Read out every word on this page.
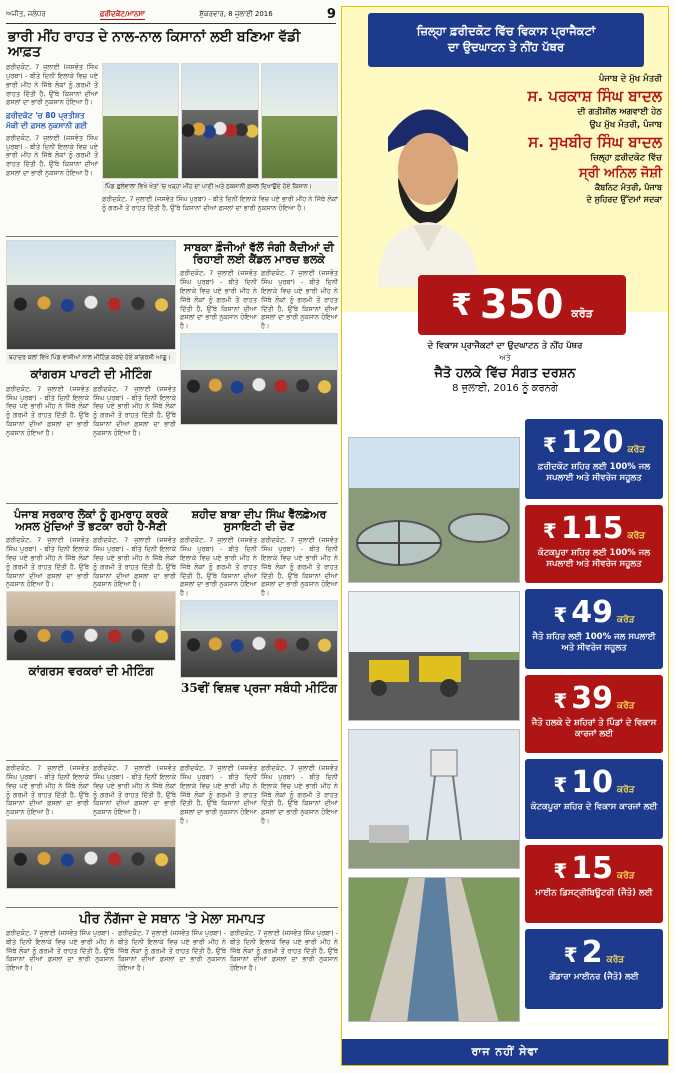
ਅਜੀਤ, ਜਲੰਧਰ	ਫ਼ਰੀਦਕੋਟ/ਮਾਨਸਾ	ਸ਼ੁੱਕਰਵਾਰ, 8 ਜੁਲਾਈ 2016	9
ਭਾਰੀ ਮੀਂਹ ਰਾਹਤ ਦੇ ਨਾਲ-ਨਾਲ ਕਿਸਾਨਾਂ ਲਈ ਬਣਿਆ ਵੱਡੀ ਆਫ਼ਤ
ਫ਼ਰੀਦਕੋਟ, 7 ਜੁਲਾਈ (ਜਸਵੰਤ ਸਿੰਘ ਪੁਰਬਾ) - ਬੀਤੇ ਦਿਨੀਂ ਇਲਾਕੇ ਵਿਚ ਪਏ ਭਾਰੀ ਮੀਂਹ ਨੇ ਜਿੱਥੇ ਲੋਕਾਂ ਨੂੰ ਗਰਮੀ ਤੋਂ ਰਾਹਤ ਦਿੱਤੀ ਹੈ, ਉੱਥੇ ਕਿਸਾਨਾਂ ਦੀਆਂ ਫ਼ਸਲਾਂ ਦਾ ਭਾਰੀ ਨੁਕਸਾਨ ਹੋਇਆ ਹੈ।
ਫ਼ਰੀਦਕੋਟ 'ਚ 80 ਪ੍ਰਤੀਸ਼ਤ ਮੱਕੀ ਦੀ ਫ਼ਸਲ ਨੁਕਸਾਨੀ ਗਈ
ਫ਼ਰੀਦਕੋਟ, 7 ਜੁਲਾਈ (ਜਸਵੰਤ ਸਿੰਘ ਪੁਰਬਾ) - ਬੀਤੇ ਦਿਨੀਂ ਇਲਾਕੇ ਵਿਚ ਪਏ ਭਾਰੀ ਮੀਂਹ ਨੇ ਜਿੱਥੇ ਲੋਕਾਂ ਨੂੰ ਗਰਮੀ ਤੋਂ ਰਾਹਤ ਦਿੱਤੀ ਹੈ, ਉੱਥੇ ਕਿਸਾਨਾਂ ਦੀਆਂ ਫ਼ਸਲਾਂ ਦਾ ਭਾਰੀ ਨੁਕਸਾਨ ਹੋਇਆ ਹੈ।
ਪਿੰਡ ਫ਼ੁਲੇਵਾਲਾ ਵਿਖੇ ਖੇਤਾਂ 'ਚ ਖੜ੍ਹਾ ਮੀਂਹ ਦਾ ਪਾਣੀ ਅਤੇ ਨੁਕਸਾਨੀ ਫ਼ਸਲ ਦਿਖਾਉਂਦੇ ਹੋਏ ਕਿਸਾਨ।
ਫ਼ਰੀਦਕੋਟ, 7 ਜੁਲਾਈ (ਜਸਵੰਤ ਸਿੰਘ ਪੁਰਬਾ) - ਬੀਤੇ ਦਿਨੀਂ ਇਲਾਕੇ ਵਿਚ ਪਏ ਭਾਰੀ ਮੀਂਹ ਨੇ ਜਿੱਥੇ ਲੋਕਾਂ ਨੂੰ ਗਰਮੀ ਤੋਂ ਰਾਹਤ ਦਿੱਤੀ ਹੈ, ਉੱਥੇ ਕਿਸਾਨਾਂ ਦੀਆਂ ਫ਼ਸਲਾਂ ਦਾ ਭਾਰੀ ਨੁਕਸਾਨ ਹੋਇਆ ਹੈ।
ਬਹਾਦਰ ਕਲਾਂ ਵਿਖੇ ਪਿੰਡ ਵਾਸੀਆਂ ਨਾਲ ਮੀਟਿੰਗ ਕਰਦੇ ਹੋਏ ਕਾਂਗਰਸੀ ਆਗੂ।
ਕਾਂਗਰਸ ਪਾਰਟੀ ਦੀ ਮੀਟਿੰਗ
ਫ਼ਰੀਦਕੋਟ, 7 ਜੁਲਾਈ (ਜਸਵੰਤ ਸਿੰਘ ਪੁਰਬਾ) - ਬੀਤੇ ਦਿਨੀਂ ਇਲਾਕੇ ਵਿਚ ਪਏ ਭਾਰੀ ਮੀਂਹ ਨੇ ਜਿੱਥੇ ਲੋਕਾਂ ਨੂੰ ਗਰਮੀ ਤੋਂ ਰਾਹਤ ਦਿੱਤੀ ਹੈ, ਉੱਥੇ ਕਿਸਾਨਾਂ ਦੀਆਂ ਫ਼ਸਲਾਂ ਦਾ ਭਾਰੀ ਨੁਕਸਾਨ ਹੋਇਆ ਹੈ।
ਫ਼ਰੀਦਕੋਟ, 7 ਜੁਲਾਈ (ਜਸਵੰਤ ਸਿੰਘ ਪੁਰਬਾ) - ਬੀਤੇ ਦਿਨੀਂ ਇਲਾਕੇ ਵਿਚ ਪਏ ਭਾਰੀ ਮੀਂਹ ਨੇ ਜਿੱਥੇ ਲੋਕਾਂ ਨੂੰ ਗਰਮੀ ਤੋਂ ਰਾਹਤ ਦਿੱਤੀ ਹੈ, ਉੱਥੇ ਕਿਸਾਨਾਂ ਦੀਆਂ ਫ਼ਸਲਾਂ ਦਾ ਭਾਰੀ ਨੁਕਸਾਨ ਹੋਇਆ ਹੈ।
ਸਾਬਕਾ ਫ਼ੌਜੀਆਂ ਵੱਲੋਂ ਜੰਗੀ ਕੈਦੀਆਂ ਦੀ ਰਿਹਾਈ ਲਈ ਕੈਂਡਲ ਮਾਰਚ ਭਲਕੇ
ਫ਼ਰੀਦਕੋਟ, 7 ਜੁਲਾਈ (ਜਸਵੰਤ ਸਿੰਘ ਪੁਰਬਾ) - ਬੀਤੇ ਦਿਨੀਂ ਇਲਾਕੇ ਵਿਚ ਪਏ ਭਾਰੀ ਮੀਂਹ ਨੇ ਜਿੱਥੇ ਲੋਕਾਂ ਨੂੰ ਗਰਮੀ ਤੋਂ ਰਾਹਤ ਦਿੱਤੀ ਹੈ, ਉੱਥੇ ਕਿਸਾਨਾਂ ਦੀਆਂ ਫ਼ਸਲਾਂ ਦਾ ਭਾਰੀ ਨੁਕਸਾਨ ਹੋਇਆ ਹੈ।
ਫ਼ਰੀਦਕੋਟ, 7 ਜੁਲਾਈ (ਜਸਵੰਤ ਸਿੰਘ ਪੁਰਬਾ) - ਬੀਤੇ ਦਿਨੀਂ ਇਲਾਕੇ ਵਿਚ ਪਏ ਭਾਰੀ ਮੀਂਹ ਨੇ ਜਿੱਥੇ ਲੋਕਾਂ ਨੂੰ ਗਰਮੀ ਤੋਂ ਰਾਹਤ ਦਿੱਤੀ ਹੈ, ਉੱਥੇ ਕਿਸਾਨਾਂ ਦੀਆਂ ਫ਼ਸਲਾਂ ਦਾ ਭਾਰੀ ਨੁਕਸਾਨ ਹੋਇਆ ਹੈ।
ਪੰਜਾਬ ਸਰਕਾਰ ਲੋਕਾਂ ਨੂੰ ਗੁਮਰਾਹ ਕਰਕੇ ਅਸਲ ਮੁੱਦਿਆਂ ਤੋਂ ਭਟਕਾ ਰਹੀ ਹੈ-ਸੈਣੀ
ਫ਼ਰੀਦਕੋਟ, 7 ਜੁਲਾਈ (ਜਸਵੰਤ ਸਿੰਘ ਪੁਰਬਾ) - ਬੀਤੇ ਦਿਨੀਂ ਇਲਾਕੇ ਵਿਚ ਪਏ ਭਾਰੀ ਮੀਂਹ ਨੇ ਜਿੱਥੇ ਲੋਕਾਂ ਨੂੰ ਗਰਮੀ ਤੋਂ ਰਾਹਤ ਦਿੱਤੀ ਹੈ, ਉੱਥੇ ਕਿਸਾਨਾਂ ਦੀਆਂ ਫ਼ਸਲਾਂ ਦਾ ਭਾਰੀ ਨੁਕਸਾਨ ਹੋਇਆ ਹੈ।
ਫ਼ਰੀਦਕੋਟ, 7 ਜੁਲਾਈ (ਜਸਵੰਤ ਸਿੰਘ ਪੁਰਬਾ) - ਬੀਤੇ ਦਿਨੀਂ ਇਲਾਕੇ ਵਿਚ ਪਏ ਭਾਰੀ ਮੀਂਹ ਨੇ ਜਿੱਥੇ ਲੋਕਾਂ ਨੂੰ ਗਰਮੀ ਤੋਂ ਰਾਹਤ ਦਿੱਤੀ ਹੈ, ਉੱਥੇ ਕਿਸਾਨਾਂ ਦੀਆਂ ਫ਼ਸਲਾਂ ਦਾ ਭਾਰੀ ਨੁਕਸਾਨ ਹੋਇਆ ਹੈ।
ਕਾਂਗਰਸ ਵਰਕਰਾਂ ਦੀ ਮੀਟਿੰਗ
ਸ਼ਹੀਦ ਬਾਬਾ ਦੀਪ ਸਿੰਘ ਵੈੱਲਫ਼ੇਅਰ ਸੁਸਾਇਟੀ ਦੀ ਚੋਣ
ਫ਼ਰੀਦਕੋਟ, 7 ਜੁਲਾਈ (ਜਸਵੰਤ ਸਿੰਘ ਪੁਰਬਾ) - ਬੀਤੇ ਦਿਨੀਂ ਇਲਾਕੇ ਵਿਚ ਪਏ ਭਾਰੀ ਮੀਂਹ ਨੇ ਜਿੱਥੇ ਲੋਕਾਂ ਨੂੰ ਗਰਮੀ ਤੋਂ ਰਾਹਤ ਦਿੱਤੀ ਹੈ, ਉੱਥੇ ਕਿਸਾਨਾਂ ਦੀਆਂ ਫ਼ਸਲਾਂ ਦਾ ਭਾਰੀ ਨੁਕਸਾਨ ਹੋਇਆ ਹੈ।
ਫ਼ਰੀਦਕੋਟ, 7 ਜੁਲਾਈ (ਜਸਵੰਤ ਸਿੰਘ ਪੁਰਬਾ) - ਬੀਤੇ ਦਿਨੀਂ ਇਲਾਕੇ ਵਿਚ ਪਏ ਭਾਰੀ ਮੀਂਹ ਨੇ ਜਿੱਥੇ ਲੋਕਾਂ ਨੂੰ ਗਰਮੀ ਤੋਂ ਰਾਹਤ ਦਿੱਤੀ ਹੈ, ਉੱਥੇ ਕਿਸਾਨਾਂ ਦੀਆਂ ਫ਼ਸਲਾਂ ਦਾ ਭਾਰੀ ਨੁਕਸਾਨ ਹੋਇਆ ਹੈ।
35ਵੀਂ ਵਿਸ਼ਵ ਪ੍ਰਜਾ ਸਬੰਧੀ ਮੀਟਿੰਗ
ਫ਼ਰੀਦਕੋਟ, 7 ਜੁਲਾਈ (ਜਸਵੰਤ ਸਿੰਘ ਪੁਰਬਾ) - ਬੀਤੇ ਦਿਨੀਂ ਇਲਾਕੇ ਵਿਚ ਪਏ ਭਾਰੀ ਮੀਂਹ ਨੇ ਜਿੱਥੇ ਲੋਕਾਂ ਨੂੰ ਗਰਮੀ ਤੋਂ ਰਾਹਤ ਦਿੱਤੀ ਹੈ, ਉੱਥੇ ਕਿਸਾਨਾਂ ਦੀਆਂ ਫ਼ਸਲਾਂ ਦਾ ਭਾਰੀ ਨੁਕਸਾਨ ਹੋਇਆ ਹੈ।
ਫ਼ਰੀਦਕੋਟ, 7 ਜੁਲਾਈ (ਜਸਵੰਤ ਸਿੰਘ ਪੁਰਬਾ) - ਬੀਤੇ ਦਿਨੀਂ ਇਲਾਕੇ ਵਿਚ ਪਏ ਭਾਰੀ ਮੀਂਹ ਨੇ ਜਿੱਥੇ ਲੋਕਾਂ ਨੂੰ ਗਰਮੀ ਤੋਂ ਰਾਹਤ ਦਿੱਤੀ ਹੈ, ਉੱਥੇ ਕਿਸਾਨਾਂ ਦੀਆਂ ਫ਼ਸਲਾਂ ਦਾ ਭਾਰੀ ਨੁਕਸਾਨ ਹੋਇਆ ਹੈ।
ਫ਼ਰੀਦਕੋਟ, 7 ਜੁਲਾਈ (ਜਸਵੰਤ ਸਿੰਘ ਪੁਰਬਾ) - ਬੀਤੇ ਦਿਨੀਂ ਇਲਾਕੇ ਵਿਚ ਪਏ ਭਾਰੀ ਮੀਂਹ ਨੇ ਜਿੱਥੇ ਲੋਕਾਂ ਨੂੰ ਗਰਮੀ ਤੋਂ ਰਾਹਤ ਦਿੱਤੀ ਹੈ, ਉੱਥੇ ਕਿਸਾਨਾਂ ਦੀਆਂ ਫ਼ਸਲਾਂ ਦਾ ਭਾਰੀ ਨੁਕਸਾਨ ਹੋਇਆ ਹੈ।
ਫ਼ਰੀਦਕੋਟ, 7 ਜੁਲਾਈ (ਜਸਵੰਤ ਸਿੰਘ ਪੁਰਬਾ) - ਬੀਤੇ ਦਿਨੀਂ ਇਲਾਕੇ ਵਿਚ ਪਏ ਭਾਰੀ ਮੀਂਹ ਨੇ ਜਿੱਥੇ ਲੋਕਾਂ ਨੂੰ ਗਰਮੀ ਤੋਂ ਰਾਹਤ ਦਿੱਤੀ ਹੈ, ਉੱਥੇ ਕਿਸਾਨਾਂ ਦੀਆਂ ਫ਼ਸਲਾਂ ਦਾ ਭਾਰੀ ਨੁਕਸਾਨ ਹੋਇਆ ਹੈ।
ਪੀਰ ਨੌਗੱਜਾ ਦੇ ਸਥਾਨ 'ਤੇ ਮੇਲਾ ਸਮਾਪਤ
ਫ਼ਰੀਦਕੋਟ, 7 ਜੁਲਾਈ (ਜਸਵੰਤ ਸਿੰਘ ਪੁਰਬਾ) - ਬੀਤੇ ਦਿਨੀਂ ਇਲਾਕੇ ਵਿਚ ਪਏ ਭਾਰੀ ਮੀਂਹ ਨੇ ਜਿੱਥੇ ਲੋਕਾਂ ਨੂੰ ਗਰਮੀ ਤੋਂ ਰਾਹਤ ਦਿੱਤੀ ਹੈ, ਉੱਥੇ ਕਿਸਾਨਾਂ ਦੀਆਂ ਫ਼ਸਲਾਂ ਦਾ ਭਾਰੀ ਨੁਕਸਾਨ ਹੋਇਆ ਹੈ।
ਫ਼ਰੀਦਕੋਟ, 7 ਜੁਲਾਈ (ਜਸਵੰਤ ਸਿੰਘ ਪੁਰਬਾ) - ਬੀਤੇ ਦਿਨੀਂ ਇਲਾਕੇ ਵਿਚ ਪਏ ਭਾਰੀ ਮੀਂਹ ਨੇ ਜਿੱਥੇ ਲੋਕਾਂ ਨੂੰ ਗਰਮੀ ਤੋਂ ਰਾਹਤ ਦਿੱਤੀ ਹੈ, ਉੱਥੇ ਕਿਸਾਨਾਂ ਦੀਆਂ ਫ਼ਸਲਾਂ ਦਾ ਭਾਰੀ ਨੁਕਸਾਨ ਹੋਇਆ ਹੈ।
ਫ਼ਰੀਦਕੋਟ, 7 ਜੁਲਾਈ (ਜਸਵੰਤ ਸਿੰਘ ਪੁਰਬਾ) - ਬੀਤੇ ਦਿਨੀਂ ਇਲਾਕੇ ਵਿਚ ਪਏ ਭਾਰੀ ਮੀਂਹ ਨੇ ਜਿੱਥੇ ਲੋਕਾਂ ਨੂੰ ਗਰਮੀ ਤੋਂ ਰਾਹਤ ਦਿੱਤੀ ਹੈ, ਉੱਥੇ ਕਿਸਾਨਾਂ ਦੀਆਂ ਫ਼ਸਲਾਂ ਦਾ ਭਾਰੀ ਨੁਕਸਾਨ ਹੋਇਆ ਹੈ।
ਜ਼ਿਲ੍ਹਾ ਫ਼ਰੀਦਕੋਟ ਵਿੱਚ ਵਿਕਾਸ ਪ੍ਰਾਜੈਕਟਾਂ
ਦਾ ਉਦਘਾਟਨ ਤੇ ਨੀਂਹ ਪੱਥਰ
ਪੰਜਾਬ ਦੇ ਮੁੱਖ ਮੰਤਰੀ
ਸ. ਪਰਕਾਸ਼ ਸਿੰਘ ਬਾਦਲ
ਦੀ ਗਤੀਸ਼ੀਲ ਅਗਵਾਈ ਹੇਠ
ਉਪ ਮੁੱਖ ਮੰਤਰੀ, ਪੰਜਾਬ
ਸ. ਸੁਖਬੀਰ ਸਿੰਘ ਬਾਦਲ
ਜ਼ਿਲ੍ਹਾ ਫ਼ਰੀਦਕੋਟ ਵਿੱਚ
ਸ੍ਰੀ ਅਨਿਲ ਜੋਸ਼ੀ
ਕੈਬਨਿਟ ਮੰਤਰੀ, ਪੰਜਾਬ
ਦੇ ਸੁਹਿਰਦ ਉੱਦਮਾਂ ਸਦਕਾ
₹ 350 ਕਰੋੜ
ਦੇ ਵਿਕਾਸ ਪ੍ਰਾਜੈਕਟਾਂ ਦਾ ਉਦਘਾਟਨ ਤੇ ਨੀਂਹ ਪੱਥਰ
ਅਤੇ
ਜੈਤੋ ਹਲਕੇ ਵਿੱਚ ਸੰਗਤ ਦਰਸ਼ਨ
8 ਜੁਲਾਈ, 2016 ਨੂੰ ਕਰਨਗੇ
₹ 120 ਕਰੋੜ
ਫ਼ਰੀਦਕੋਟ ਸ਼ਹਿਰ ਲਈ 100% ਜਲ ਸਪਲਾਈ ਅਤੇ ਸੀਵਰੇਜ ਸਹੂਲਤ
₹ 115 ਕਰੋੜ
ਕੋਟਕਪੂਰਾ ਸ਼ਹਿਰ ਲਈ 100% ਜਲ ਸਪਲਾਈ ਅਤੇ ਸੀਵਰੇਜ ਸਹੂਲਤ
₹ 49 ਕਰੋੜ
ਜੈਤੋ ਸ਼ਹਿਰ ਲਈ 100% ਜਲ ਸਪਲਾਈ ਅਤੇ ਸੀਵਰੇਜ ਸਹੂਲਤ
₹ 39 ਕਰੋੜ
ਜੈਤੋ ਹਲਕੇ ਦੇ ਸ਼ਹਿਰਾਂ ਤੇ ਪਿੰਡਾਂ ਦੇ ਵਿਕਾਸ ਕਾਰਜਾਂ ਲਈ
₹ 10 ਕਰੋੜ
ਕੋਟਕਪੂਰਾ ਸ਼ਹਿਰ ਦੇ ਵਿਕਾਸ ਕਾਰਜਾਂ ਲਈ
₹ 15 ਕਰੋੜ
ਮਾਈਨ ਡਿਸਟ੍ਰੀਬਿਊਟਰੀ (ਜੈਤੋ) ਲਈ
₹ 2 ਕਰੋੜ
ਗੋਂਡਾਰਾ ਮਾਈਨਰ (ਜੈਤੋ) ਲਈ
ਰਾਜ ਨਹੀਂ ਸੇਵਾ
